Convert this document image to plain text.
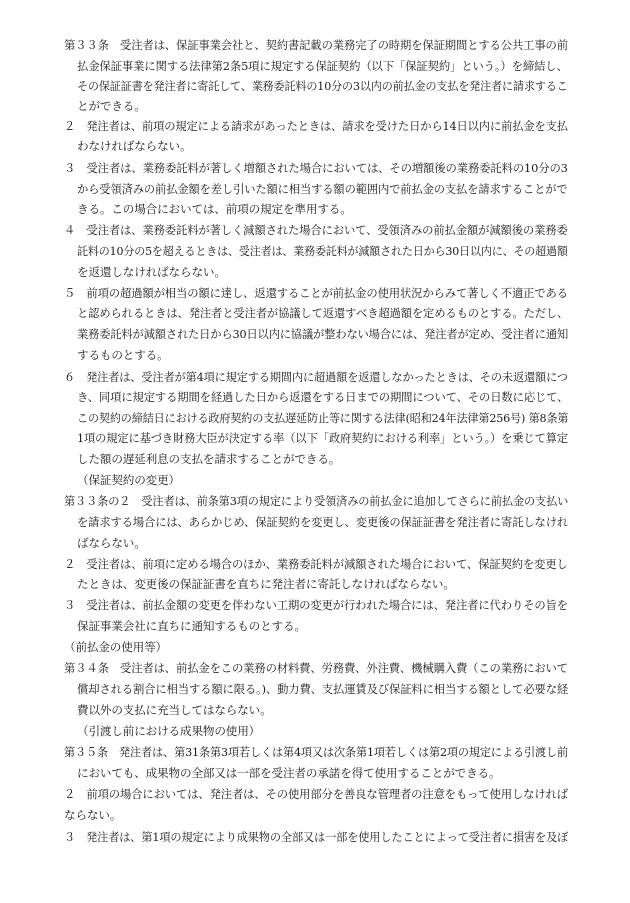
第３３条　受注者は、保証事業会社と、契約書記載の業務完了の時期を保証期間とする公共工事の前
払金保証事業に関する法律第2条5項に規定する保証契約（以下「保証契約」という。）を締結し、
その保証証書を発注者に寄託して、業務委託料の10分の3以内の前払金の支払を発注者に請求するこ
とができる。
２　発注者は、前項の規定による請求があったときは、請求を受けた日から14日以内に前払金を支払
わなければならない。
３　受注者は、業務委託料が著しく増額された場合においては、その増額後の業務委託料の10分の3
から受領済みの前払金額を差し引いた額に相当する額の範囲内で前払金の支払を請求することがで
きる。この場合においては、前項の規定を準用する。
４　受注者は、業務委託料が著しく減額された場合において、受領済みの前払金額が減額後の業務委
託料の10分の5を超えるときは、受注者は、業務委託料が減額された日から30日以内に、その超過額
を返還しなければならない。
５　前項の超過額が相当の額に達し、返還することが前払金の使用状況からみて著しく不適正である
と認められるときは、発注者と受注者が協議して返還すべき超過額を定めるものとする。ただし、
業務委託料が減額された日から30日以内に協議が整わない場合には、発注者が定め、受注者に通知
するものとする。
６　発注者は、受注者が第4項に規定する期間内に超過額を返還しなかったときは、その未返還額につ
き、同項に規定する期間を経過した日から返還をする日までの期間について、その日数に応じて、
この契約の締結日における政府契約の支払遅延防止等に関する法律(昭和24年法律第256号) 第8条第
1項の規定に基づき財務大臣が決定する率（以下「政府契約における利率」という。）を乗じて算定
した額の遅延利息の支払を請求することができる。
（保証契約の変更）
第３３条の２　受注者は、前条第3項の規定により受領済みの前払金に追加してさらに前払金の支払い
を請求する場合には、あらかじめ、保証契約を変更し、変更後の保証証書を発注者に寄託しなけれ
ばならない。
２　受注者は、前項に定める場合のほか、業務委託料が減額された場合において、保証契約を変更し
たときは、変更後の保証証書を直ちに発注者に寄託しなければならない。
３　受注者は、前払金額の変更を伴わない工期の変更が行われた場合には、発注者に代わりその旨を
保証事業会社に直ちに通知するものとする。
（前払金の使用等）
第３４条　受注者は、前払金をこの業務の材料費、労務費、外注費、機械購入費（この業務において
償却される割合に相当する額に限る。)、動力費、支払運賃及び保証料に相当する額として必要な経
費以外の支払に充当してはならない。
（引渡し前における成果物の使用）
第３５条　発注者は、第31条第3項若しくは第4項又は次条第1項若しくは第2項の規定による引渡し前
においても、成果物の全部又は一部を受注者の承諾を得て使用することができる。
２　前項の場合においては、発注者は、その使用部分を善良な管理者の注意をもって使用しなければ
ならない。
３　発注者は、第1項の規定により成果物の全部又は一部を使用したことによって受注者に損害を及ぼ
